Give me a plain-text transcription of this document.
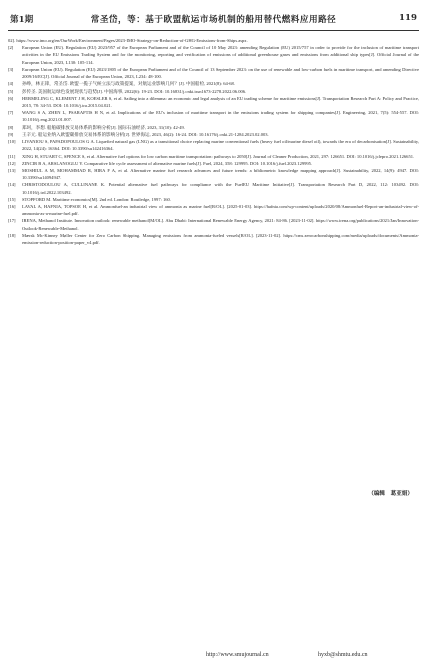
第1期	常圣岱，等：基于欧盟航运市场机制的船用替代燃料应用路径	119
02]. https://www.imo.org/en/OurWork/Environment/Pages/2023-IMO-Strategy-on-Reduction-of-GHG-Emissions-from-Ships.aspx.
[2]	European Union (EU). Regulation (EU) 2023/957 of the European Parliament and of the Council of 10 May 2023: amending Regulation (EU) 2015/757 in order to provide for the inclusion of maritime transport activities in the EU Emissions Trading System and for the monitoring, reporting and verification of emissions of additional greenhouse gases and emissions from additional ship types[J]. Official Journal of the European Union, 2023, L130: 105-114.
[3]	European Union (EU). Regulation (EU) 2023/1805 of the European Parliament and of the Council of 13 September 2023: on the use of renewable and low-carbon fuels in maritime transport, and amending Directive 2009/16/EC[J]. Official Journal of the European Union, 2023, L234: 48-100.
[4]	孙峥，林正锋，常圣岱. 欧盟一揽子气候立法与政策提案，对航运业影响几何？[J]. 中国船检, 2021(8): 64-68.
[5]	彭传圣. 美国航运绿色发展现状与趋势[J]. 中国海事, 2022(6): 19-23. DOI: 10.16831/j.cnki.issn1673-2278.2022.06.006.
[6]	HERMELING C, KLEMENT J H, KOESLER S, et al. Sailing into a dilemma: an economic and legal analysis of an EU trading scheme for maritime emissions[J]. Transportation Research Part A: Policy and Practice, 2015, 78: 34-53. DOI: 10.1016/j.tra.2015.04.021.
[7]	WANG S A, ZHEN L, PSARAFTIS H N, et al. Implications of the EU's inclusion of maritime transport in the emissions trading system for shipping companies[J]. Engineering, 2021, 7(5): 554-557. DOI: 10.1016/j.eng.2021.01.007.
[8]	郑珂，李想. 船舶碳排放交易体系的影响分析[J]. 国际石油经济, 2023, 31(10): 42-49.
[9]	王辛元. 船运业纳入欧盟碳排放交易体系的影响分析[J]. 世界海运, 2023, 46(2): 16-24. DOI: 10.16176/j.cnki.21-1284.2023.02.003.
[10]	LIVANIOU S, PAPADOPOULOS G A. Liquefied natural gas (LNG) as a transitional choice replacing marine conventional fuels (heavy fuel oil/marine diesel oil), towards the era of decarbonisation[J]. Sustainability, 2022, 14(24): 16364. DOI: 10.3390/su142416364.
[11]	XING H, STUART C, SPENCE S, et al. Alternative fuel options for low carbon maritime transportation: pathways to 2050[J]. Journal of Cleaner Production, 2021, 297: 126651. DOI: 10.1016/j.jclepro.2021.126651.
[12]	ZINCIR B A, ARSLANOGLU Y. Comparative life cycle assessment of alternative marine fuels[J]. Fuel, 2024, 358: 129995. DOI: 10.1016/j.fuel.2023.129995.
[13]	MOSHIUL A M, MOHAMMAD R, HIRA F A, et al. Alternative marine fuel research advances and future trends: a bibliometric knowledge mapping approach[J]. Sustainability, 2022, 14(9): 4947. DOI: 10.3390/su14094947.
[14]	CHRISTODOULOU A, CULLINANE K. Potential alternative fuel pathways for compliance with the FuelEU Maritime Initiative[J]. Transportation Research Part D, 2022, 112: 103492. DOI: 10.1016/j.trd.2022.103492.
[15]	STOPFORD M. Maritime economics[M]. 2nd ed. London: Routledge, 1997: 160.
[16]	LAVAL A, HAFNIA, TOPSOE H, et al. Ammonfuel-an industrial view of ammonia as marine fuel[R/OL]. [2025-01-03]. https://hafnia.com/wp-content/uploads/2020/08/Ammonfuel-Report-an-industrial-view-of-ammonia-as-a-marine-fuel.pdf.
[17]	IRENA, Methanol Institute. Innovation outlook: renewable methanol[M/OL]. Abu Dhabi: International Renewable Energy Agency, 2021: 84-86. [2023-11-02]. https://www.irena.org/publications/2021/Jan/Innovation-Outlook-Renewable-Methanol.
[18]	Mærsk Mc-Kinney Møller Center for Zero Carbon Shipping. Managing emissions from ammonia-fueled vessels[R/OL]. [2023-11-02]. https://cms.zerocarbonshipping.com/media/uploads/documents/Ammonia-emission-reduction-position-paper_v4.pdf.
（编辑　葛亚娟）
http://www.smujournal.cn	hyxb@shmtu.edu.cn
